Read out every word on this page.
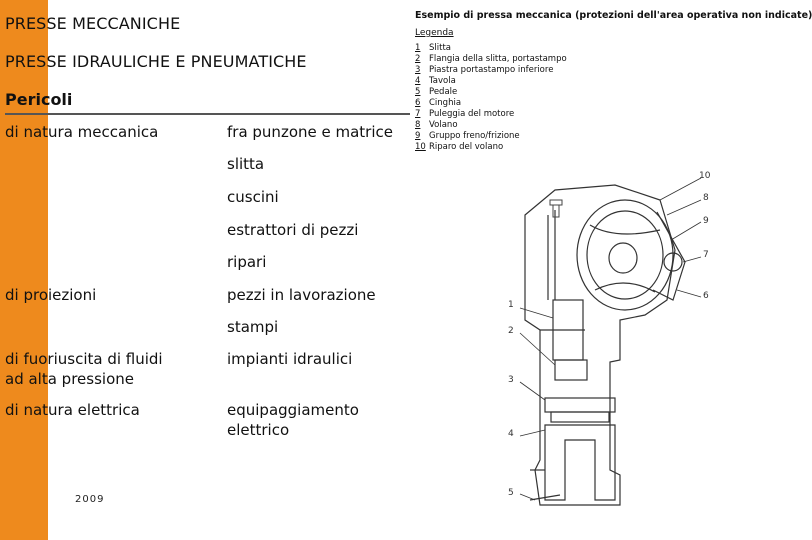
PRESSE MECCANICHE
PRESSE IDRAULICHE E PNEUMATICHE
Pericoli
di natura meccanica
di proiezioni
di fuoriuscita di fluidi
ad alta pressione
di natura elettrica
fra punzone e matrice
slitta
cuscini
estrattori di pezzi
ripari
pezzi in lavorazione
stampi
impianti idraulici
equipaggiamento
elettrico
2009
Esempio di pressa meccanica (protezioni dell'area operativa non indicate)
Legenda
1 Slitta
2 Flangia della slitta, portastampo
3 Piastra portastampo inferiore
4 Tavola
5 Pedale
6 Cinghia
7 Puleggia del motore
8 Volano
9 Gruppo freno/frizione
10 Riparo del volano
1
2
3
4
5
6
7
8
9
10
